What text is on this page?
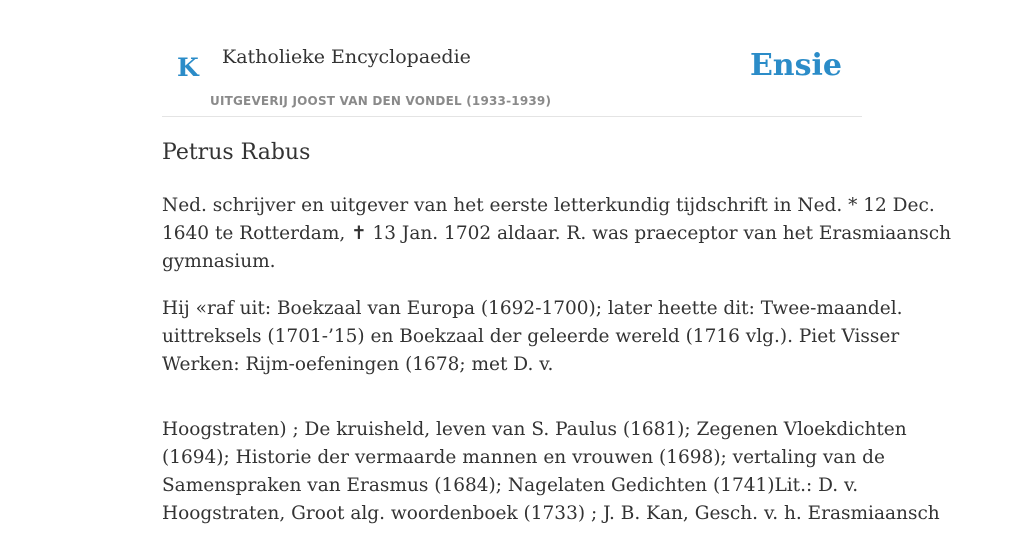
K Katholieke Encyclopaedie
UITGEVERIJ JOOST VAN DEN VONDEL (1933-1939)
Ensie
Petrus Rabus

Ned. schrijver en uitgever van het eerste letterkundig tijdschrift in Ned. * 12 Dec.
1640 te Rotterdam, ✝ 13 Jan. 1702 aldaar. R. was praeceptor van het Erasmiaansch
gymnasium.

Hij «raf uit: Boekzaal van Europa (1692-1700); later heette dit: Twee-maandel.
uittreksels (1701-’15) en Boekzaal der geleerde wereld (1716 vlg.). Piet Visser
Werken: Rijm-oefeningen (1678; met D. v.

Hoogstraten) ; De kruisheld, leven van S. Paulus (1681); Zegenen Vloekdichten
(1694); Historie der vermaarde mannen en vrouwen (1698); vertaling van de
Samenspraken van Erasmus (1684); Nagelaten Gedichten (1741)Lit.: D. v.
Hoogstraten, Groot alg. woordenboek (1733) ; J. B. Kan, Gesch. v. h. Erasmiaansch
